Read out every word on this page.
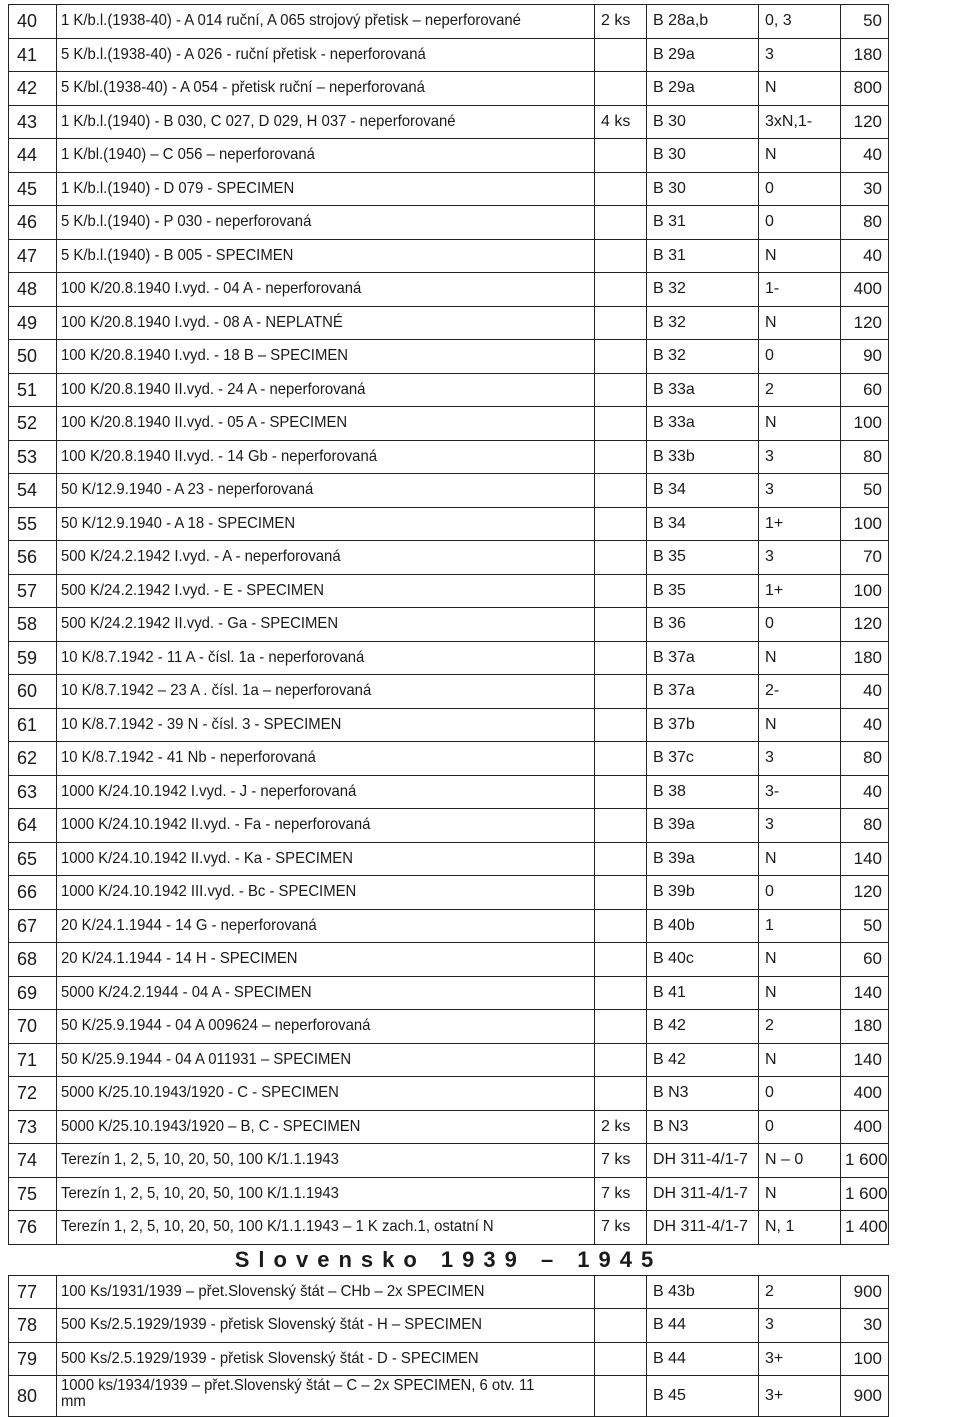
40	1 K/b.l.(1938-40) - A 014 ruční, A 065 strojový přetisk – neperforované	2 ks	B 28a,b	0, 3	50
41	5 K/b.l.(1938-40) - A 026 - ruční přetisk - neperforovaná		B 29a	3	180
42	5 K/bl.(1938-40) - A 054 - přetisk ruční – neperforovaná		B 29a	N	800
43	1 K/b.l.(1940) - B 030, C 027, D 029, H 037 - neperforované	4 ks	B 30	3xN,1-	120
44	1 K/bl.(1940) – C 056 – neperforovaná		B 30	N	40
45	1 K/b.l.(1940) - D 079 - SPECIMEN		B 30	0	30
46	5 K/b.l.(1940) - P 030 - neperforovaná		B 31	0	80
47	5 K/b.l.(1940) - B 005 - SPECIMEN		B 31	N	40
48	100 K/20.8.1940 I.vyd. - 04 A - neperforovaná		B 32	1-	400
49	100 K/20.8.1940 I.vyd. - 08 A - NEPLATNÉ		B 32	N	120
50	100 K/20.8.1940 I.vyd. - 18 B – SPECIMEN		B 32	0	90
51	100 K/20.8.1940 II.vyd. - 24 A - neperforovaná		B 33a	2	60
52	100 K/20.8.1940 II.vyd. - 05 A - SPECIMEN		B 33a	N	100
53	100 K/20.8.1940 II.vyd. - 14 Gb - neperforovaná		B 33b	3	80
54	50 K/12.9.1940 - A 23 - neperforovaná		B 34	3	50
55	50 K/12.9.1940 - A 18 - SPECIMEN		B 34	1+	100
56	500 K/24.2.1942 I.vyd. - A - neperforovaná		B 35	3	70
57	500 K/24.2.1942 I.vyd. - E - SPECIMEN		B 35	1+	100
58	500 K/24.2.1942 II.vyd. - Ga - SPECIMEN		B 36	0	120
59	10 K/8.7.1942 - 11 A - čísl. 1a - neperforovaná		B 37a	N	180
60	10 K/8.7.1942 – 23 A . čísl. 1a – neperforovaná		B 37a	2-	40
61	10 K/8.7.1942 - 39 N - čísl. 3 - SPECIMEN		B 37b	N	40
62	10 K/8.7.1942 - 41 Nb - neperforovaná		B 37c	3	80
63	1000 K/24.10.1942 I.vyd. - J - neperforovaná		B 38	3-	40
64	1000 K/24.10.1942 II.vyd. - Fa - neperforovaná		B 39a	3	80
65	1000 K/24.10.1942 II.vyd. - Ka - SPECIMEN		B 39a	N	140
66	1000 K/24.10.1942 III.vyd. - Bc - SPECIMEN		B 39b	0	120
67	20 K/24.1.1944 - 14 G - neperforovaná		B 40b	1	50
68	20 K/24.1.1944 - 14 H - SPECIMEN		B 40c	N	60
69	5000 K/24.2.1944 - 04 A - SPECIMEN		B 41	N	140
70	50 K/25.9.1944 - 04 A 009624 – neperforovaná		B 42	2	180
71	50 K/25.9.1944 - 04 A 011931 – SPECIMEN		B 42	N	140
72	5000 K/25.10.1943/1920 - C - SPECIMEN		B N3	0	400
73	5000 K/25.10.1943/1920 – B, C - SPECIMEN	2 ks	B N3	0	400
74	Terezín 1, 2, 5, 10, 20, 50, 100 K/1.1.1943	7 ks	DH 311-4/1-7	N – 0	1 600
75	Terezín 1, 2, 5, 10, 20, 50, 100 K/1.1.1943	7 ks	DH 311-4/1-7	N	1 600
76	Terezín 1, 2, 5, 10, 20, 50, 100 K/1.1.1943 – 1 K zach.1, ostatní N	7 ks	DH 311-4/1-7	N, 1	1 400
Slovensko 1939 – 1945					
77	100 Ks/1931/1939 – přet.Slovenský štát – CHb – 2x SPECIMEN		B 43b	2	900
78	500 Ks/2.5.1929/1939 - přetisk Slovenský štát - H – SPECIMEN		B 44	3	30
79	500 Ks/2.5.1929/1939 - přetisk Slovenský štát - D - SPECIMEN		B 44	3+	100
80	1000 ks/1934/1939 – přet.Slovenský štát – C – 2x SPECIMEN, 6 otv. 11 mm		B 45	3+	900
